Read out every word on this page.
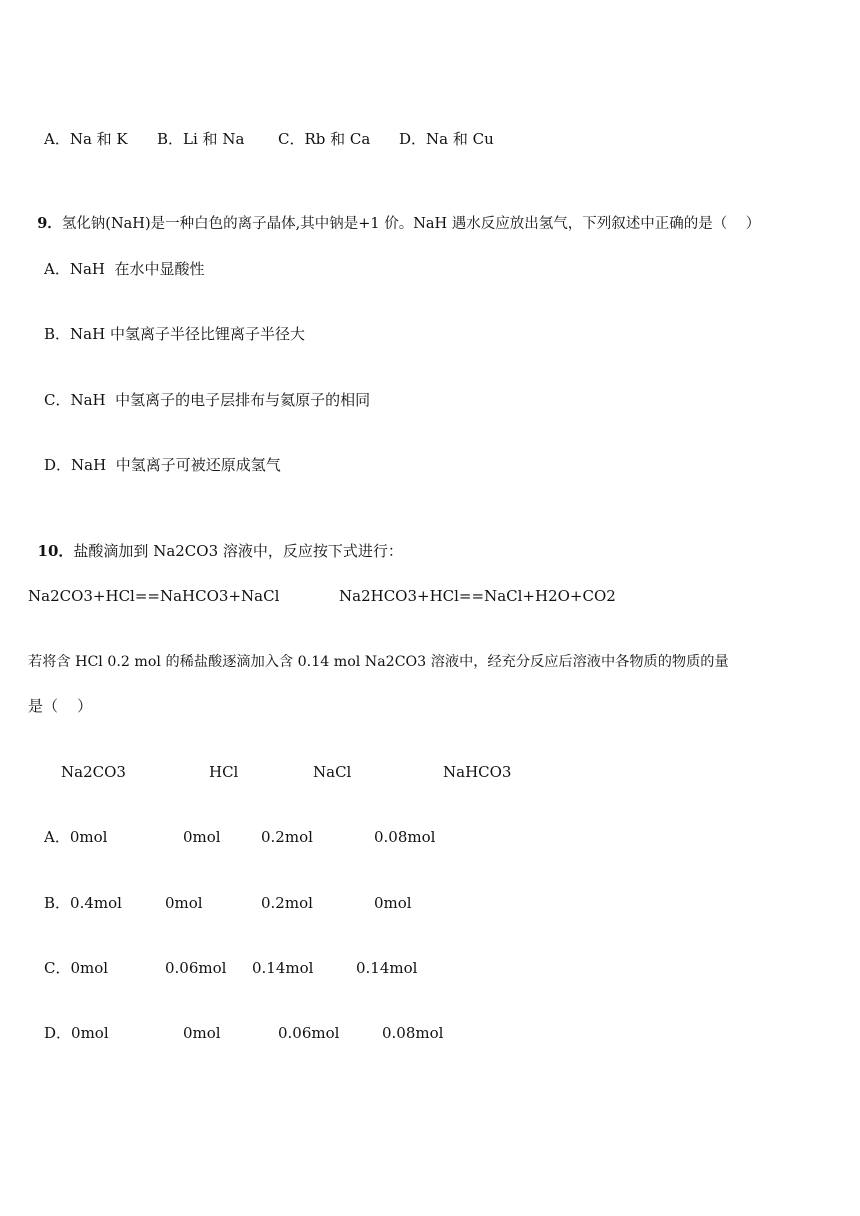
A．Na 和 K B．Li 和 Na C．Rb 和 Ca D．Na 和 Cu

9．氢化钠(NaH)是一种白色的离子晶体,其中钠是+1 价。NaH 遇水反应放出氢气，下列叙述中正确的是（    ）

A．NaH  在水中显酸性
B．NaH 中氢离子半径比锂离子半径大
C．NaH  中氢离子的电子层排布与氦原子的相同
D．NaH  中氢离子可被还原成氢气

10．盐酸滴加到 Na2CO3 溶液中，反应按下式进行：

Na2CO3+HCl==NaHCO3+NaCl	Na2HCO3+HCl==NaCl+H2O+CO2
若将含 HCl 0.2 mol 的稀盐酸逐滴加入含 0.14 mol Na2CO3 溶液中，经充分反应后溶液中各物质的物质的量
是（    ）
Na2CO3	HCl	NaCl	NaHCO3
A．0mol	0mol	0.2mol	0.08mol
B．0.4mol	0mol	0.2mol	0mol
C．0mol	0.06mol 0.14mol	0.14mol
D．0mol	0mol	0.06mol	0.08mol
